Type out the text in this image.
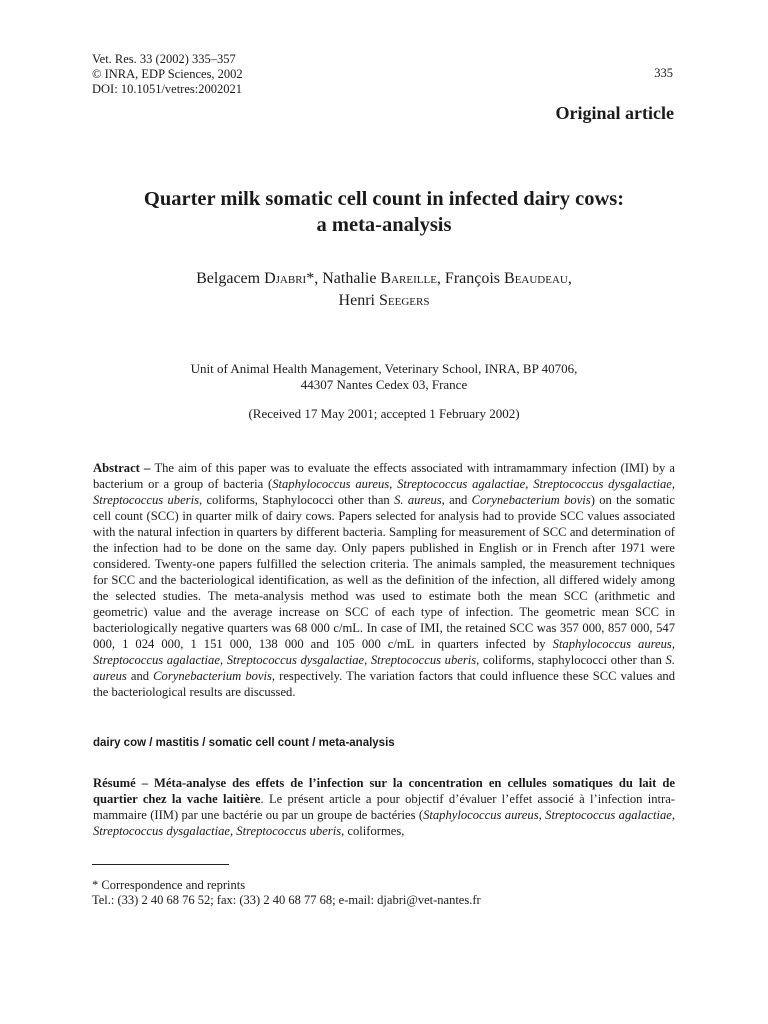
Vet. Res. 33 (2002) 335–357
© INRA, EDP Sciences, 2002
DOI: 10.1051/vetres:2002021
335
Original article
Quarter milk somatic cell count in infected dairy cows:
a meta-analysis
Belgacem Djabri*, Nathalie Bareille, François Beaudeau,
Henri Seegers
Unit of Animal Health Management, Veterinary School, INRA, BP 40706,
44307 Nantes Cedex 03, France
(Received 17 May 2001; accepted 1 February 2002)

Abstract – The aim of this paper was to evaluate the effects associated with intramammary infection (IMI) by a bacterium or a group of bacteria (Staphylococcus aureus, Streptococcus agalactiae, Streptococcus dysgalactiae, Streptococcus uberis, coliforms, Staphylococci other than S. aureus, and Corynebacterium bovis) on the somatic cell count (SCC) in quarter milk of dairy cows. Papers selected for analysis had to provide SCC values associated with the natural infection in quarters by different bacteria. Sampling for measurement of SCC and determination of the infection had to be done on the same day. Only papers published in English or in French after 1971 were considered. Twenty-one papers fulfilled the selection criteria. The animals sampled, the measurement techniques for SCC and the bacteriological identification, as well as the definition of the infection, all differed widely among the selected studies. The meta-analysis method was used to estimate both the mean SCC (arithmetic and geometric) value and the average increase on SCC of each type of infection. The geometric mean SCC in bacteriologically negative quarters was 68 000 c/mL. In case of IMI, the retained SCC was 357 000, 857 000, 547 000, 1 024 000, 1 151 000, 138 000 and 105 000 c/mL in quarters infected by Staphylococcus aureus, Streptococcus agalactiae, Streptococcus dysgalactiae, Streptococcus uberis, coliforms, staphylococci other than S. aureus and Corynebacterium bovis, respectively. The variation factors that could influence these SCC values and the bacteriological results are discussed.

dairy cow / mastitis / somatic cell count / meta-analysis

Résumé – Méta-analyse des effets de l’infection sur la concentration en cellules somatiques du lait de quartier chez la vache laitière. Le présent article a pour objectif d’évaluer l’effet associé à l’infection intra-mammaire (IIM) par une bactérie ou par un groupe de bactéries (Staphylococcus aureus, Streptococcus agalactiae, Streptococcus dysgalactiae, Streptococcus uberis, coliformes,

* Correspondence and reprints
Tel.: (33) 2 40 68 76 52; fax: (33) 2 40 68 77 68; e-mail: djabri@vet-nantes.fr
